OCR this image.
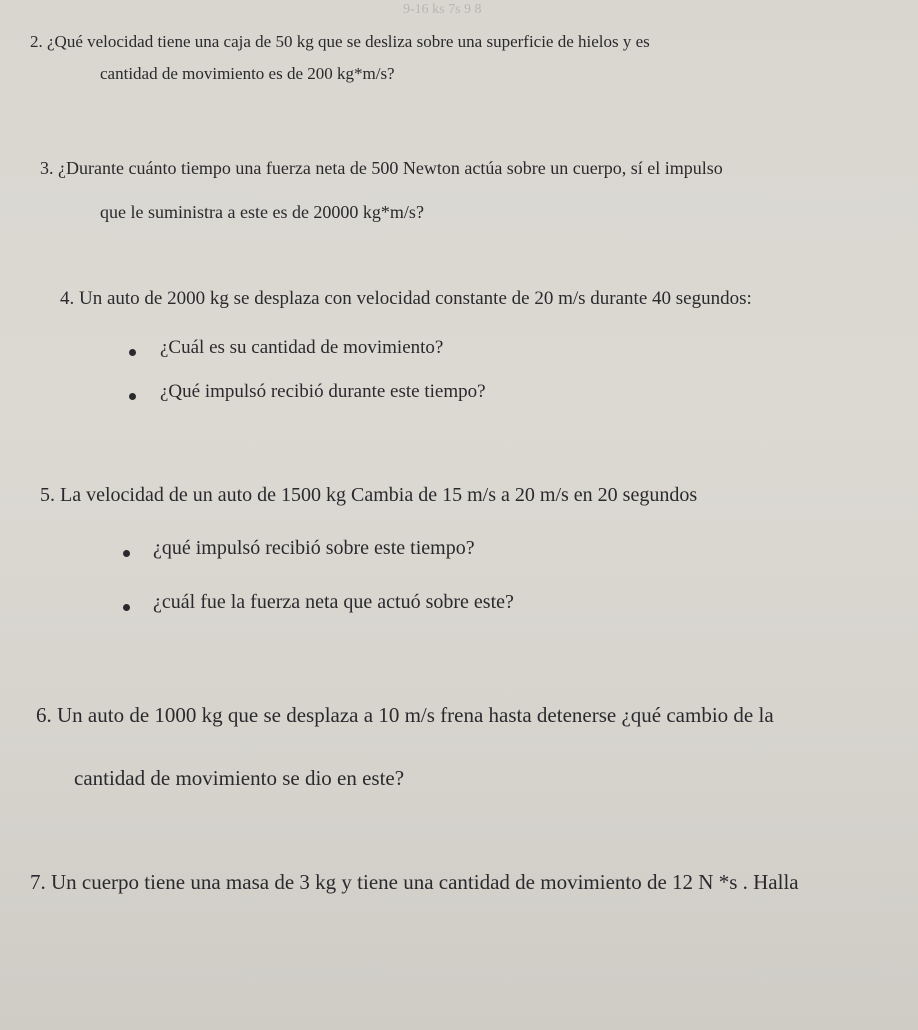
9-16 ks 7s 9 8
2. ¿Qué velocidad tiene una caja de 50 kg que se desliza sobre una superficie de hielos y es
cantidad de movimiento es de 200 kg*m/s?
3. ¿Durante cuánto tiempo una fuerza neta de 500 Newton actúa sobre un cuerpo, sí el impulso
que le suministra a este es de 20000 kg*m/s?
4. Un auto de 2000 kg se desplaza con velocidad constante de 20 m/s durante 40 segundos:
¿Cuál es su cantidad de movimiento?
¿Qué impulsó recibió durante este tiempo?
5. La velocidad de un auto de 1500 kg Cambia de 15 m/s a 20 m/s en 20 segundos
¿qué impulsó recibió sobre este tiempo?
¿cuál fue la fuerza neta que actuó sobre este?
6. Un auto de 1000 kg que se desplaza a 10 m/s frena hasta detenerse ¿qué cambio de la
cantidad de movimiento se dio en este?
7. Un cuerpo tiene una masa de 3 kg y tiene una cantidad de movimiento de 12 N *s . Halla
